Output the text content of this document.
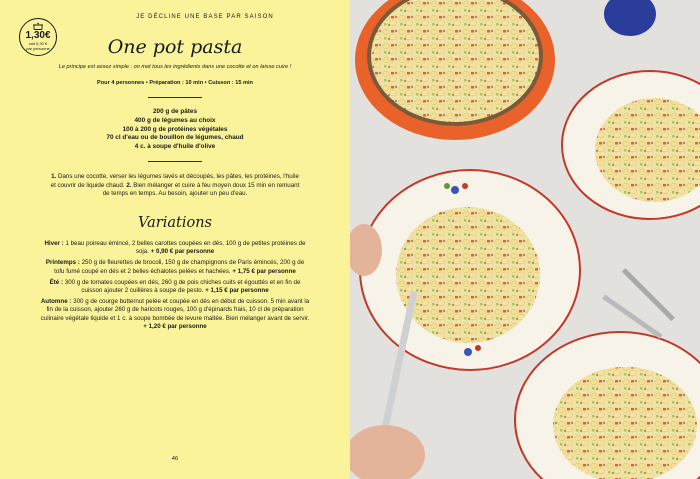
1,30€
soit 5,30 €
par personne
JE DÉCLINE UNE BASE PAR SAISON
One pot pasta
Le principe est assez simple : on met tous les ingrédients dans une cocotte et on laisse cuire !
Pour 4 personnes • Préparation : 10 min • Cuisson : 15 min
200 g de pâtes
400 g de légumes au choix
100 à 200 g de protéines végétales
70 cl d'eau ou de bouillon de légumes, chaud
4 c. à soupe d'huile d'olive
1. Dans une cocotte, verser les légumes lavés et découpés, les pâtes, les protéines, l'huile et couvrir de liquide chaud. 2. Bien mélanger et cuire à feu moyen doux 15 min en remuant de temps en temps. Au besoin, ajouter un peu d'eau.
Variations
Hiver : 1 beau poireau émincé, 2 belles carottes coupées en dés, 100 g de petites protéines de soja. + 0,90 € par personne
Printemps : 250 g de fleurettes de brocoli, 150 g de champignons de Paris émincés, 200 g de tofu fumé coupé en dés et 2 belles échalotes pelées et hachées. + 1,75 € par personne
Été : 300 g de tomates coupées en dés, 260 g de pois chiches cuits et égouttés et en fin de cuisson ajouter 2 cuillères à soupe de pesto. + 1,15 € par personne
Automne : 300 g de courge butternut pelée et coupée en dés en début de cuisson. 5 min avant la fin de la cuisson, ajouter 260 g de haricots rouges, 100 g d'épinards frais, 10 cl de préparation culinaire végétale liquide et 1 c. à soupe bombée de levure maltée. Bien mélanger avant de servir. + 1,20 € par personne
46
